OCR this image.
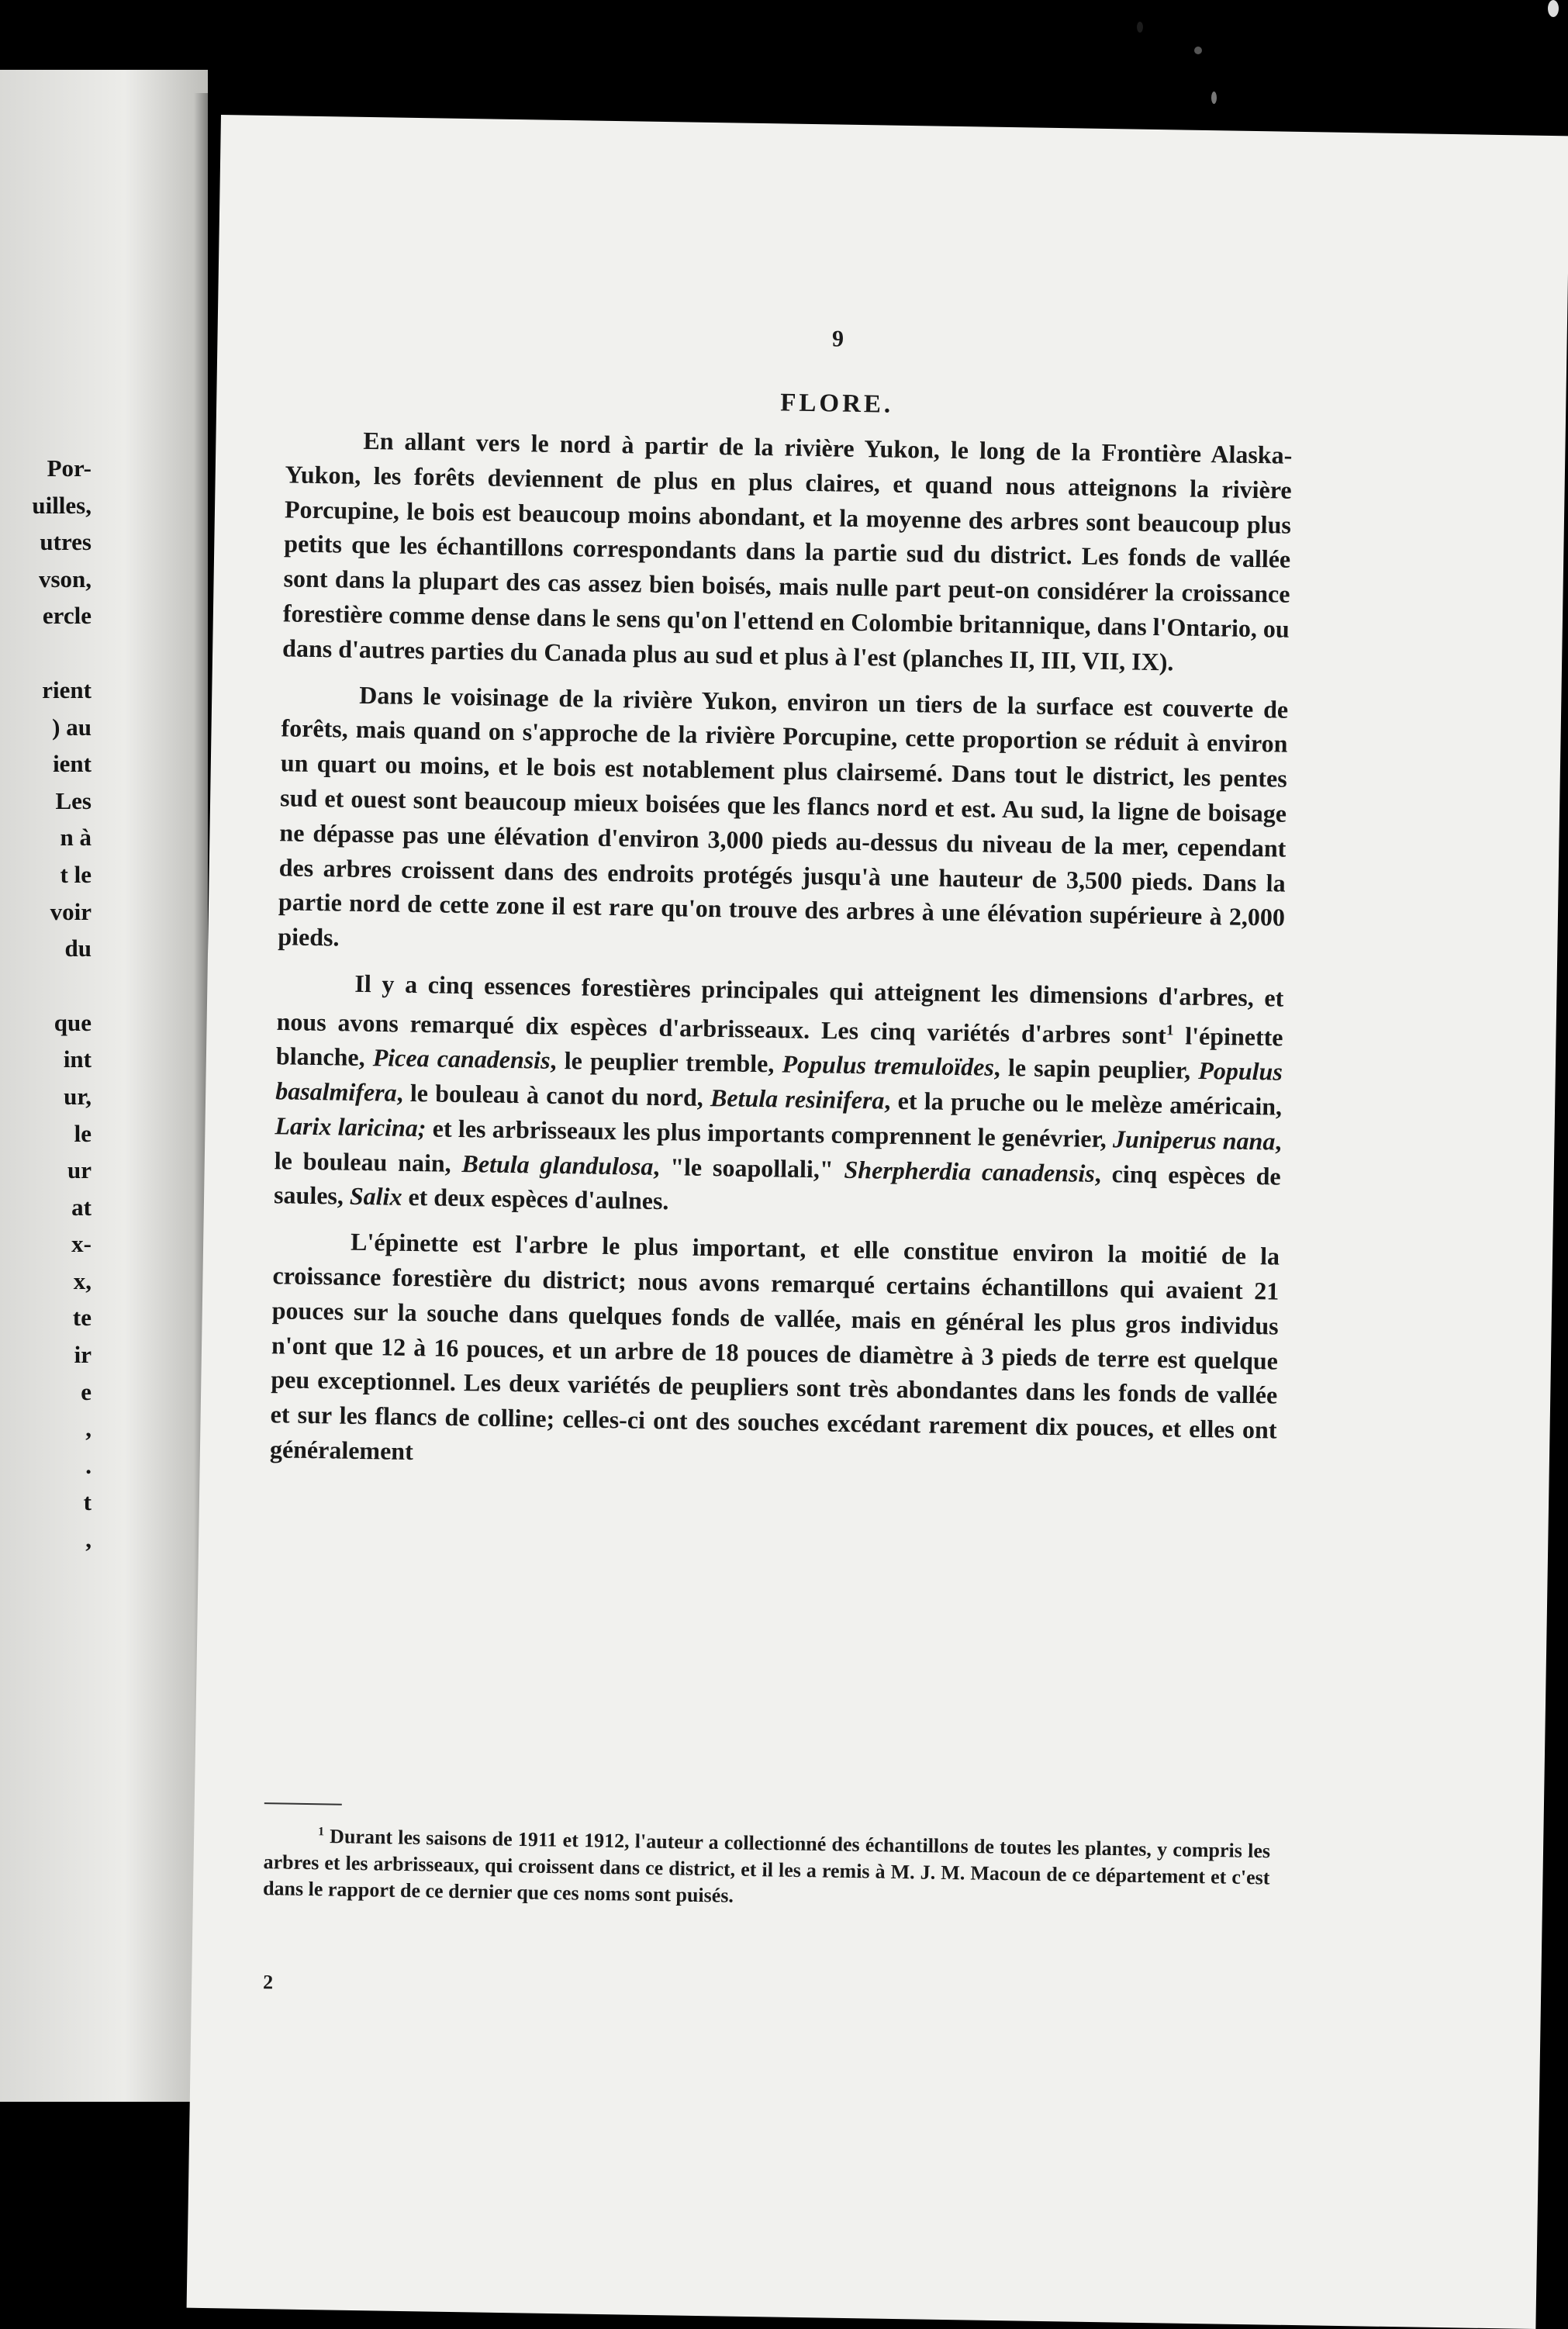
Por-
uilles,
utres
vson,
ercle
rient
) au
ient
Les
n à
t le
voir
du
que
int
ur,
le
ur
at
x-
x,
te
ir
e
,
.
t
,
9
FLORE.

En allant vers le nord à partir de la rivière Yukon, le long de la Frontière Alaska-Yukon, les forêts deviennent de plus en plus claires, et quand nous atteignons la rivière Porcupine, le bois est beaucoup moins abondant, et la moyenne des arbres sont beaucoup plus petits que les échantillons correspondants dans la partie sud du district. Les fonds de vallée sont dans la plupart des cas assez bien boisés, mais nulle part peut-on considérer la croissance forestière comme dense dans le sens qu'on l'ettend en Colombie britannique, dans l'Ontario, ou dans d'autres parties du Canada plus au sud et plus à l'est (planches II, III, VII, IX).

Dans le voisinage de la rivière Yukon, environ un tiers de la surface est couverte de forêts, mais quand on s'approche de la rivière Porcupine, cette proportion se réduit à environ un quart ou moins, et le bois est notablement plus clairsemé. Dans tout le district, les pentes sud et ouest sont beaucoup mieux boisées que les flancs nord et est. Au sud, la ligne de boisage ne dépasse pas une élévation d'environ 3,000 pieds au-dessus du niveau de la mer, cependant des arbres croissent dans des endroits protégés jusqu'à une hauteur de 3,500 pieds. Dans la partie nord de cette zone il est rare qu'on trouve des arbres à une élévation supérieure à 2,000 pieds.

Il y a cinq essences forestières principales qui atteignent les dimensions d'arbres, et nous avons remarqué dix espèces d'arbrisseaux. Les cinq variétés d'arbres sont$^1$ l'épinette blanche, Picea canadensis, le peuplier tremble, Populus tremuloïdes, le sapin peuplier, Populus basalmifera, le bouleau à canot du nord, Betula resinifera, et la pruche ou le melèze américain, Larix laricina; et les arbrisseaux les plus importants comprennent le genévrier, Juniperus nana, le bouleau nain, Betula glandulosa, "le soapollali," Sherpherdia canadensis, cinq espèces de saules, Salix et deux espèces d'aulnes.

L'épinette est l'arbre le plus important, et elle constitue environ la moitié de la croissance forestière du district; nous avons remarqué certains échantillons qui avaient 21 pouces sur la souche dans quelques fonds de vallée, mais en général les plus gros individus n'ont que 12 à 16 pouces, et un arbre de 18 pouces de diamètre à 3 pieds de terre est quelque peu exceptionnel. Les deux variétés de peupliers sont très abondantes dans les fonds de vallée et sur les flancs de colline; celles-ci ont des souches excédant rarement dix pouces, et elles ont généralement

$^1$ Durant les saisons de 1911 et 1912, l'auteur a collectionné des échantillons de toutes les plantes, y compris les arbres et les arbrisseaux, qui croissent dans ce district, et il les a remis à M. J. M. Macoun de ce département et c'est dans le rapport de ce dernier que ces noms sont puisés.
2
